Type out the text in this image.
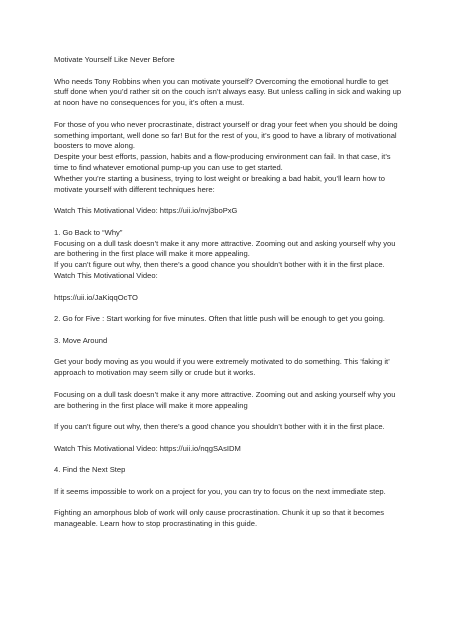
Motivate Yourself Like Never Before

Who needs Tony Robbins when you can motivate yourself? Overcoming the emotional hurdle to get stuff done when you’d rather sit on the couch isn’t always easy. But unless calling in sick and waking up at noon have no consequences for you, it’s often a must.

For those of you who never procrastinate, distract yourself or drag your feet when you should be doing something important, well done so far! But for the rest of you, it’s good to have a library of motivational boosters to move along.
Despite your best efforts, passion, habits and a flow-producing environment can fail. In that case, it’s time to find whatever emotional pump-up you can use to get started.
Whether you’re starting a business, trying to lost weight or breaking a bad habit, you’ll learn how to motivate yourself with different techniques here:

Watch This Motivational Video: https://uii.io/nvj3boPxG

1. Go Back to “Why”
Focusing on a dull task doesn’t make it any more attractive. Zooming out and asking yourself why you are bothering in the first place will make it more appealing.
If you can’t figure out why, then there’s a good chance you shouldn’t bother with it in the first place.
Watch This Motivational Video:

https://uii.io/JaKiqqOcTO

2. Go for Five : Start working for five minutes. Often that little push will be enough to get you going.

3. Move Around

Get your body moving as you would if you were extremely motivated to do something. This ‘faking it’ approach to motivation may seem silly or crude but it works.

Focusing on a dull task doesn’t make it any more attractive. Zooming out and asking yourself why you are bothering in the first place will make it more appealing

If you can’t figure out why, then there’s a good chance you shouldn’t bother with it in the first place.

Watch This Motivational Video: https://uii.io/nqgSAsIDM

4. Find the Next Step

If it seems impossible to work on a project for you, you can try to focus on the next immediate step.

Fighting an amorphous blob of work will only cause procrastination. Chunk it up so that it becomes manageable. Learn how to stop procrastinating in this guide.
